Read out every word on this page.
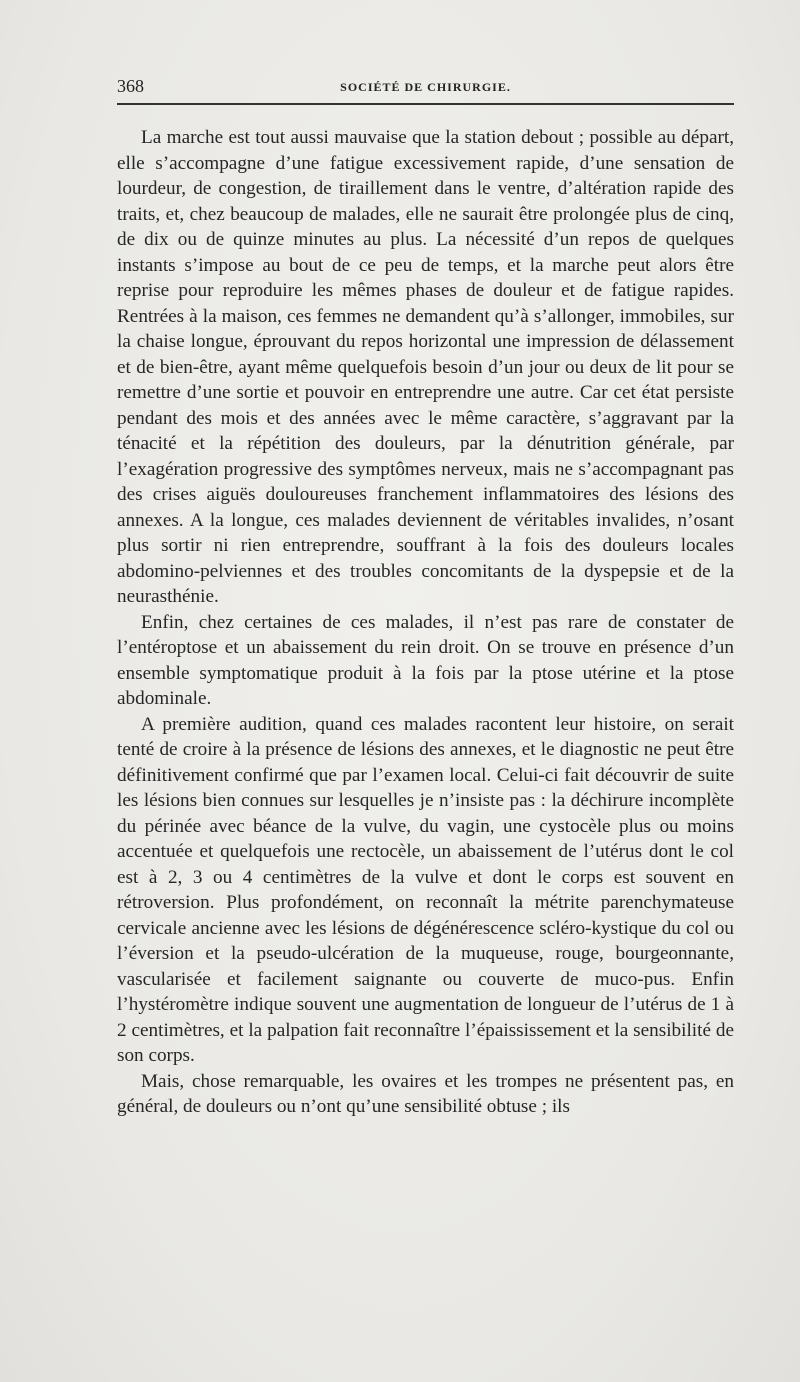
368	SOCIÉTÉ DE CHIRURGIE.

La marche est tout aussi mauvaise que la station debout ; possible au départ, elle s’accompagne d’une fatigue excessivement rapide, d’une sensation de lourdeur, de congestion, de tiraillement dans le ventre, d’altération rapide des traits, et, chez beaucoup de malades, elle ne saurait être prolongée plus de cinq, de dix ou de quinze minutes au plus. La nécessité d’un repos de quelques instants s’impose au bout de ce peu de temps, et la marche peut alors être reprise pour reproduire les mêmes phases de douleur et de fatigue rapides. Rentrées à la maison, ces femmes ne demandent qu’à s’allonger, immobiles, sur la chaise longue, éprouvant du repos horizontal une impression de délassement et de bien-être, ayant même quelquefois besoin d’un jour ou deux de lit pour se remettre d’une sortie et pouvoir en entreprendre une autre. Car cet état persiste pendant des mois et des années avec le même caractère, s’aggravant par la ténacité et la répétition des douleurs, par la dénutrition générale, par l’exagération progressive des symptômes nerveux, mais ne s’accompagnant pas des crises aiguës douloureuses franchement inflammatoires des lésions des annexes. A la longue, ces malades deviennent de véritables invalides, n’osant plus sortir ni rien entreprendre, souffrant à la fois des douleurs locales abdomino-pelviennes et des troubles concomitants de la dyspepsie et de la neurasthénie.

Enfin, chez certaines de ces malades, il n’est pas rare de constater de l’entéroptose et un abaissement du rein droit. On se trouve en présence d’un ensemble symptomatique produit à la fois par la ptose utérine et la ptose abdominale.

A première audition, quand ces malades racontent leur histoire, on serait tenté de croire à la présence de lésions des annexes, et le diagnostic ne peut être définitivement confirmé que par l’examen local. Celui-ci fait découvrir de suite les lésions bien connues sur lesquelles je n’insiste pas : la déchirure incomplète du périnée avec béance de la vulve, du vagin, une cystocèle plus ou moins accentuée et quelquefois une rectocèle, un abaissement de l’utérus dont le col est à 2, 3 ou 4 centimètres de la vulve et dont le corps est souvent en rétroversion. Plus profondément, on reconnaît la métrite parenchymateuse cervicale ancienne avec les lésions de dégénérescence scléro-kystique du col ou l’éversion et la pseudo-ulcération de la muqueuse, rouge, bourgeonnante, vascularisée et facilement saignante ou couverte de muco-pus. Enfin l’hystéromètre indique souvent une augmentation de longueur de l’utérus de 1 à 2 centimètres, et la palpation fait reconnaître l’épaississement et la sensibilité de son corps.

Mais, chose remarquable, les ovaires et les trompes ne présentent pas, en général, de douleurs ou n’ont qu’une sensibilité obtuse ; ils
